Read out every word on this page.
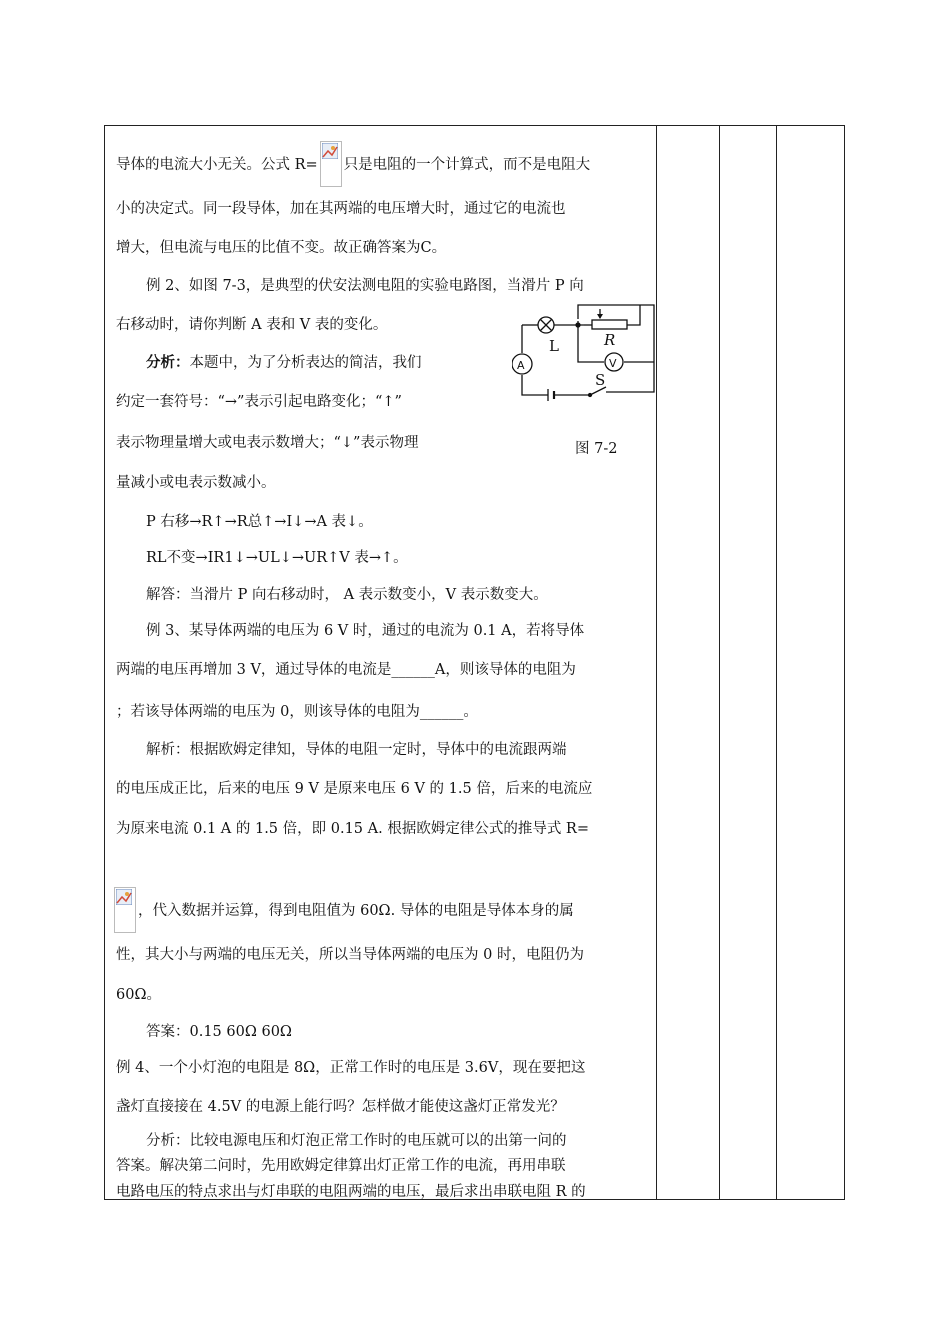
导体的电流大小无关。公式 R= 只是电阻的一个计算式，而不是电阻大
小的决定式。同一段导体，加在其两端的电压增大时，通过它的电流也
增大，但电流与电压的比值不变。故正确答案为C。
例 2、如图 7-3，是典型的伏安法测电阻的实验电路图，当滑片 P 向
右移动时，请你判断 A 表和 V 表的变化。
分析：本题中，为了分析表达的简洁，我们
约定一套符号：“→”表示引起电路变化；“↑”
表示物理量增大或电表示数增大；“↓”表示物理
量减小或电表示数减小。
P 右移→R↑→R总↑→I↓→A 表↓。
RL不变→IR1↓→UL↓→UR↑V 表→↑。
解答：当滑片 P 向右移动时， A 表示数变小，V 表示数变大。
例 3、某导体两端的电压为 6 V 时，通过的电流为 0.1 A，若将导体
两端的电压再增加 3 V，通过导体的电流是______A，则该导体的电阻为
；若该导体两端的电压为 0，则该导体的电阻为______。
解析：根据欧姆定律知，导体的电阻一定时，导体中的电流跟两端
的电压成正比，后来的电压 9 V 是原来电压 6 V 的 1.5 倍，后来的电流应
为原来电流 0.1 A 的 1.5 倍，即 0.15 A. 根据欧姆定律公式的推导式 R=
，代入数据并运算，得到电阻值为 60Ω. 导体的电阻是导体本身的属
性，其大小与两端的电压无关，所以当导体两端的电压为 0 时，电阻仍为
60Ω。
答案：0.15 60Ω 60Ω
例 4、一个小灯泡的电阻是 8Ω，正常工作时的电压是 3.6V，现在要把这
盏灯直接接在 4.5V 的电源上能行吗？怎样做才能使这盏灯正常发光？
分析：比较电源电压和灯泡正常工作时的电压就可以的出第一问的
答案。解决第二问时，先用欧姆定律算出灯正常工作的电流，再用串联
电路电压的特点求出与灯串联的电阻两端的电压，最后求出串联电阻 R 的
L	R
A	V
S
图 7-2
